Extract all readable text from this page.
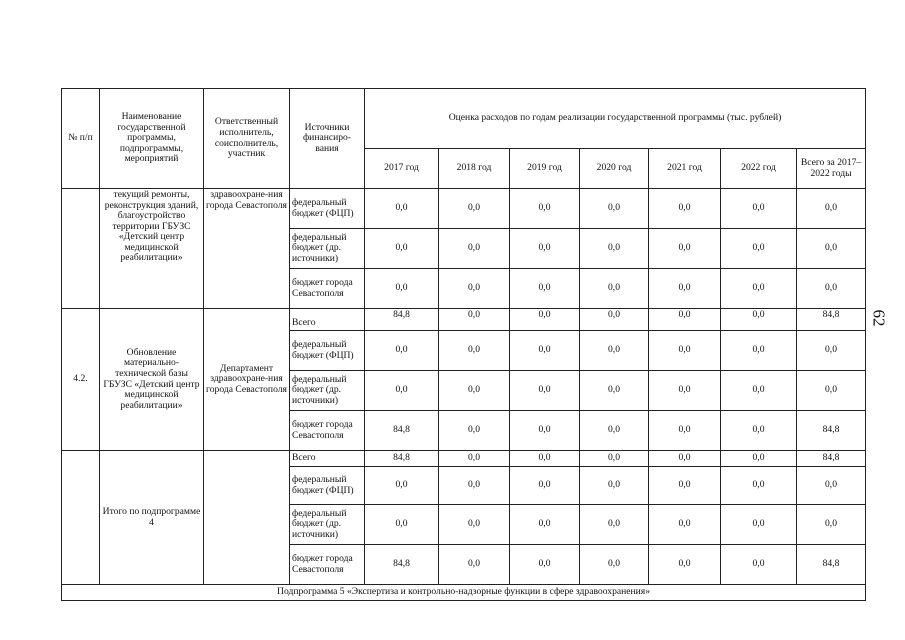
62
№ п/п	Наименование государственной программы, подпрограммы, мероприятий	Ответственный исполнитель, соисполнитель, участник	Источники финансиро-вания	Оценка расходов по годам реализации государственной программы (тыс. рублей)						
				2017 год	2018 год	2019 год	2020 год	2021 год	2022 год	Всего за 2017–2022 годы
	текущий ремонты, реконструкция зданий, благоустройство территории ГБУЗС «Детский центр медицинской реабилитации»	здравоохране-ния города Севастополя	федеральный бюджет (ФЦП)	0,0	0,0	0,0	0,0	0,0	0,0	0,0
			федеральный бюджет (др. источники)	0,0	0,0	0,0	0,0	0,0	0,0	0,0
			бюджет города Севастополя	0,0	0,0	0,0	0,0	0,0	0,0	0,0
4.2.	Обновление материально-технической базы ГБУЗС «Детский центр медицинской реабилитации»	Департамент здравоохране-ния города Севастополя	Всего	84,8	0,0	0,0	0,0	0,0	0,0	84,8
			федеральный бюджет (ФЦП)	0,0	0,0	0,0	0,0	0,0	0,0	0,0
			федеральный бюджет (др. источники)	0,0	0,0	0,0	0,0	0,0	0,0	0,0
			бюджет города Севастополя	84,8	0,0	0,0	0,0	0,0	0,0	84,8
	Итого по подпрограмме 4		Всего	84,8	0,0	0,0	0,0	0,0	0,0	84,8
			федеральный бюджет (ФЦП)	0,0	0,0	0,0	0,0	0,0	0,0	0,0
			федеральный бюджет (др. источники)	0,0	0,0	0,0	0,0	0,0	0,0	0,0
			бюджет города Севастополя	84,8	0,0	0,0	0,0	0,0	0,0	84,8
Подпрограмма 5 «Экспертиза и контрольно-надзорные функции в сфере здравоохранения»										
